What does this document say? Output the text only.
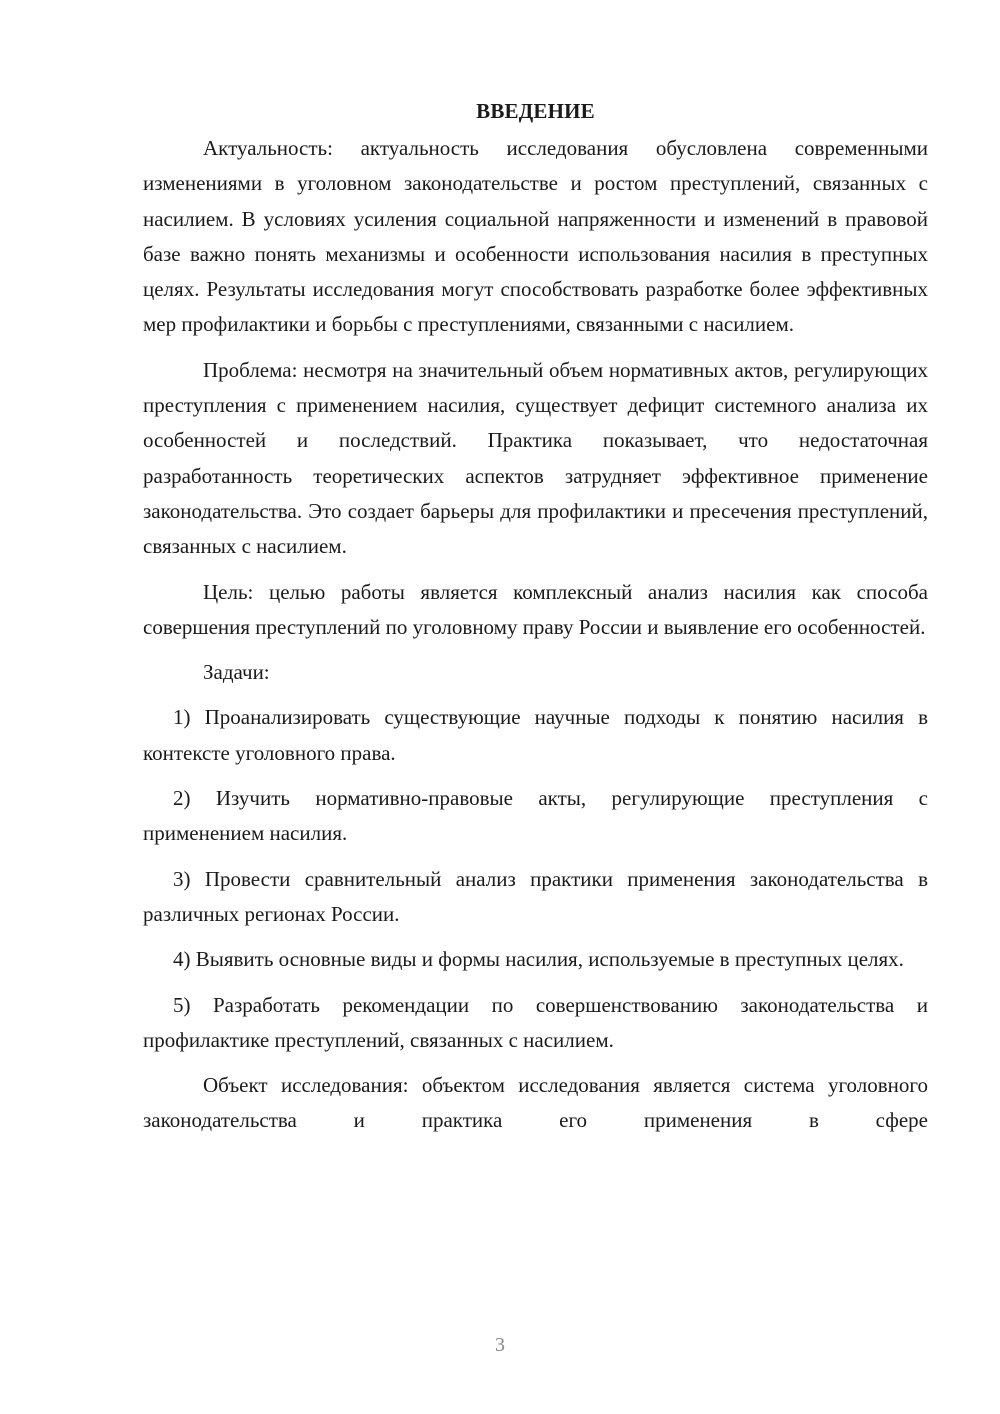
ВВЕДЕНИЕ

Актуальность: актуальность исследования обусловлена современными изменениями в уголовном законодательстве и ростом преступлений, связанных с насилием. В условиях усиления социальной напряженности и изменений в правовой базе важно понять механизмы и особенности использования насилия в преступных целях. Результаты исследования могут способствовать разработке более эффективных мер профилактики и борьбы с преступлениями, связанными с насилием.

Проблема: несмотря на значительный объем нормативных актов, регулирующих преступления с применением насилия, существует дефицит системного анализа их особенностей и последствий. Практика показывает, что недостаточная разработанность теоретических аспектов затрудняет эффективное применение законодательства. Это создает барьеры для профилактики и пресечения преступлений, связанных с насилием.

Цель: целью работы является комплексный анализ насилия как способа совершения преступлений по уголовному праву России и выявление его особенностей.

Задачи:

1) Проанализировать существующие научные подходы к понятию насилия в контексте уголовного права.

2) Изучить нормативно-правовые акты, регулирующие преступления с применением насилия.

3) Провести сравнительный анализ практики применения законодательства в различных регионах России.

4) Выявить основные виды и формы насилия, используемые в преступных целях.

5) Разработать рекомендации по совершенствованию законодательства и профилактике преступлений, связанных с насилием.

Объект исследования: объектом исследования является система уголовного законодательства и практика его применения в сфере

3
